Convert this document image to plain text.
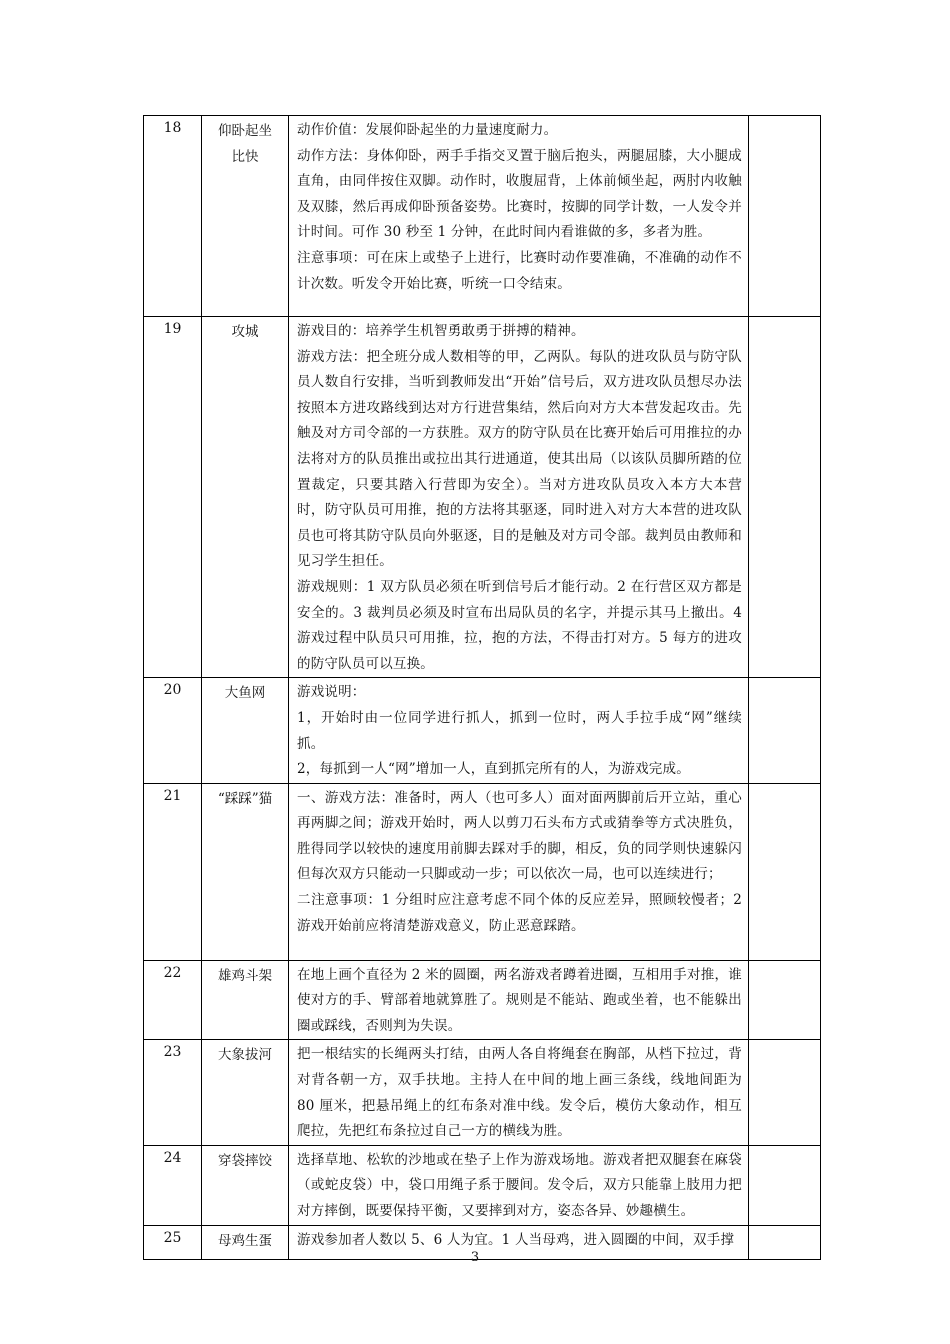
18	仰卧起坐比快	动作价值：发展仰卧起坐的力量速度耐力。

动作方法：身体仰卧，两手手指交叉置于脑后抱头，两腿屈膝，大小腿成直角，由同伴按住双脚。动作时，收腹屈背，上体前倾坐起，两肘内收触及双膝，然后再成仰卧预备姿势。比赛时，按脚的同学计数，一人发令并计时间。可作 30 秒至 1 分钟，在此时间内看谁做的多，多者为胜。

注意事项：可在床上或垫子上进行，比赛时动作要准确，不准确的动作不计次数。听发令开始比赛，听统一口令结束。	

19	攻城	游戏目的：培养学生机智勇敢勇于拼搏的精神。

游戏方法：把全班分成人数相等的甲，乙两队。每队的进攻队员与防守队员人数自行安排，当听到教师发出“开始”信号后，双方进攻队员想尽办法按照本方进攻路线到达对方行进营集结，然后向对方大本营发起攻击。先触及对方司令部的一方获胜。双方的防守队员在比赛开始后可用推拉的办法将对方的队员推出或拉出其行进通道，使其出局（以该队员脚所踏的位置裁定，只要其踏入行营即为安全）。当对方进攻队员攻入本方大本营时，防守队员可用推，抱的方法将其驱逐，同时进入对方大本营的进攻队员也可将其防守队员向外驱逐，目的是触及对方司令部。裁判员由教师和见习学生担任。

游戏规则：1 双方队员必须在听到信号后才能行动。2 在行营区双方都是安全的。3 裁判员必须及时宣布出局队员的名字，并提示其马上撤出。4 游戏过程中队员只可用推，拉，抱的方法，不得击打对方。5 每方的进攻的防守队员可以互换。	

20	大鱼网	游戏说明：

1，开始时由一位同学进行抓人，抓到一位时，两人手拉手成“网”继续抓。

2，每抓到一人“网”增加一人，直到抓完所有的人，为游戏完成。	

21	“踩踩”猫	一、游戏方法：准备时，两人（也可多人）面对面两脚前后开立站，重心再两脚之间；游戏开始时，两人以剪刀石头布方式或猜拳等方式决胜负，胜得同学以较快的速度用前脚去踩对手的脚，相反，负的同学则快速躲闪但每次双方只能动一只脚或动一步；可以依次一局，也可以连续进行；

二注意事项：1 分组时应注意考虑不同个体的反应差异，照顾较慢者；2 游戏开始前应将清楚游戏意义，防止恶意踩踏。	

22	雄鸡斗架	在地上画个直径为 2 米的圆圈，两名游戏者蹲着进圈，互相用手对推，谁使对方的手、臂部着地就算胜了。规则是不能站、跑或坐着，也不能躲出圈或踩线，否则判为失误。	

23	大象拔河	把一根结实的长绳两头打结，由两人各自将绳套在胸部，从档下拉过，背对背各朝一方，双手扶地。主持人在中间的地上画三条线，线地间距为 80 厘米，把悬吊绳上的红布条对准中线。发令后，模仿大象动作，相互爬拉，先把红布条拉过自己一方的横线为胜。	

24	穿袋摔饺	选择草地、松软的沙地或在垫子上作为游戏场地。游戏者把双腿套在麻袋（或蛇皮袋）中，袋口用绳子系于腰间。发令后，双方只能靠上肢用力把对方摔倒，既要保持平衡，又要摔到对方，姿态各异、妙趣横生。	

25	母鸡生蛋	游戏参加者人数以 5、6 人为宜。1 人当母鸡，进入圆圈的中间，双手撑	

3
